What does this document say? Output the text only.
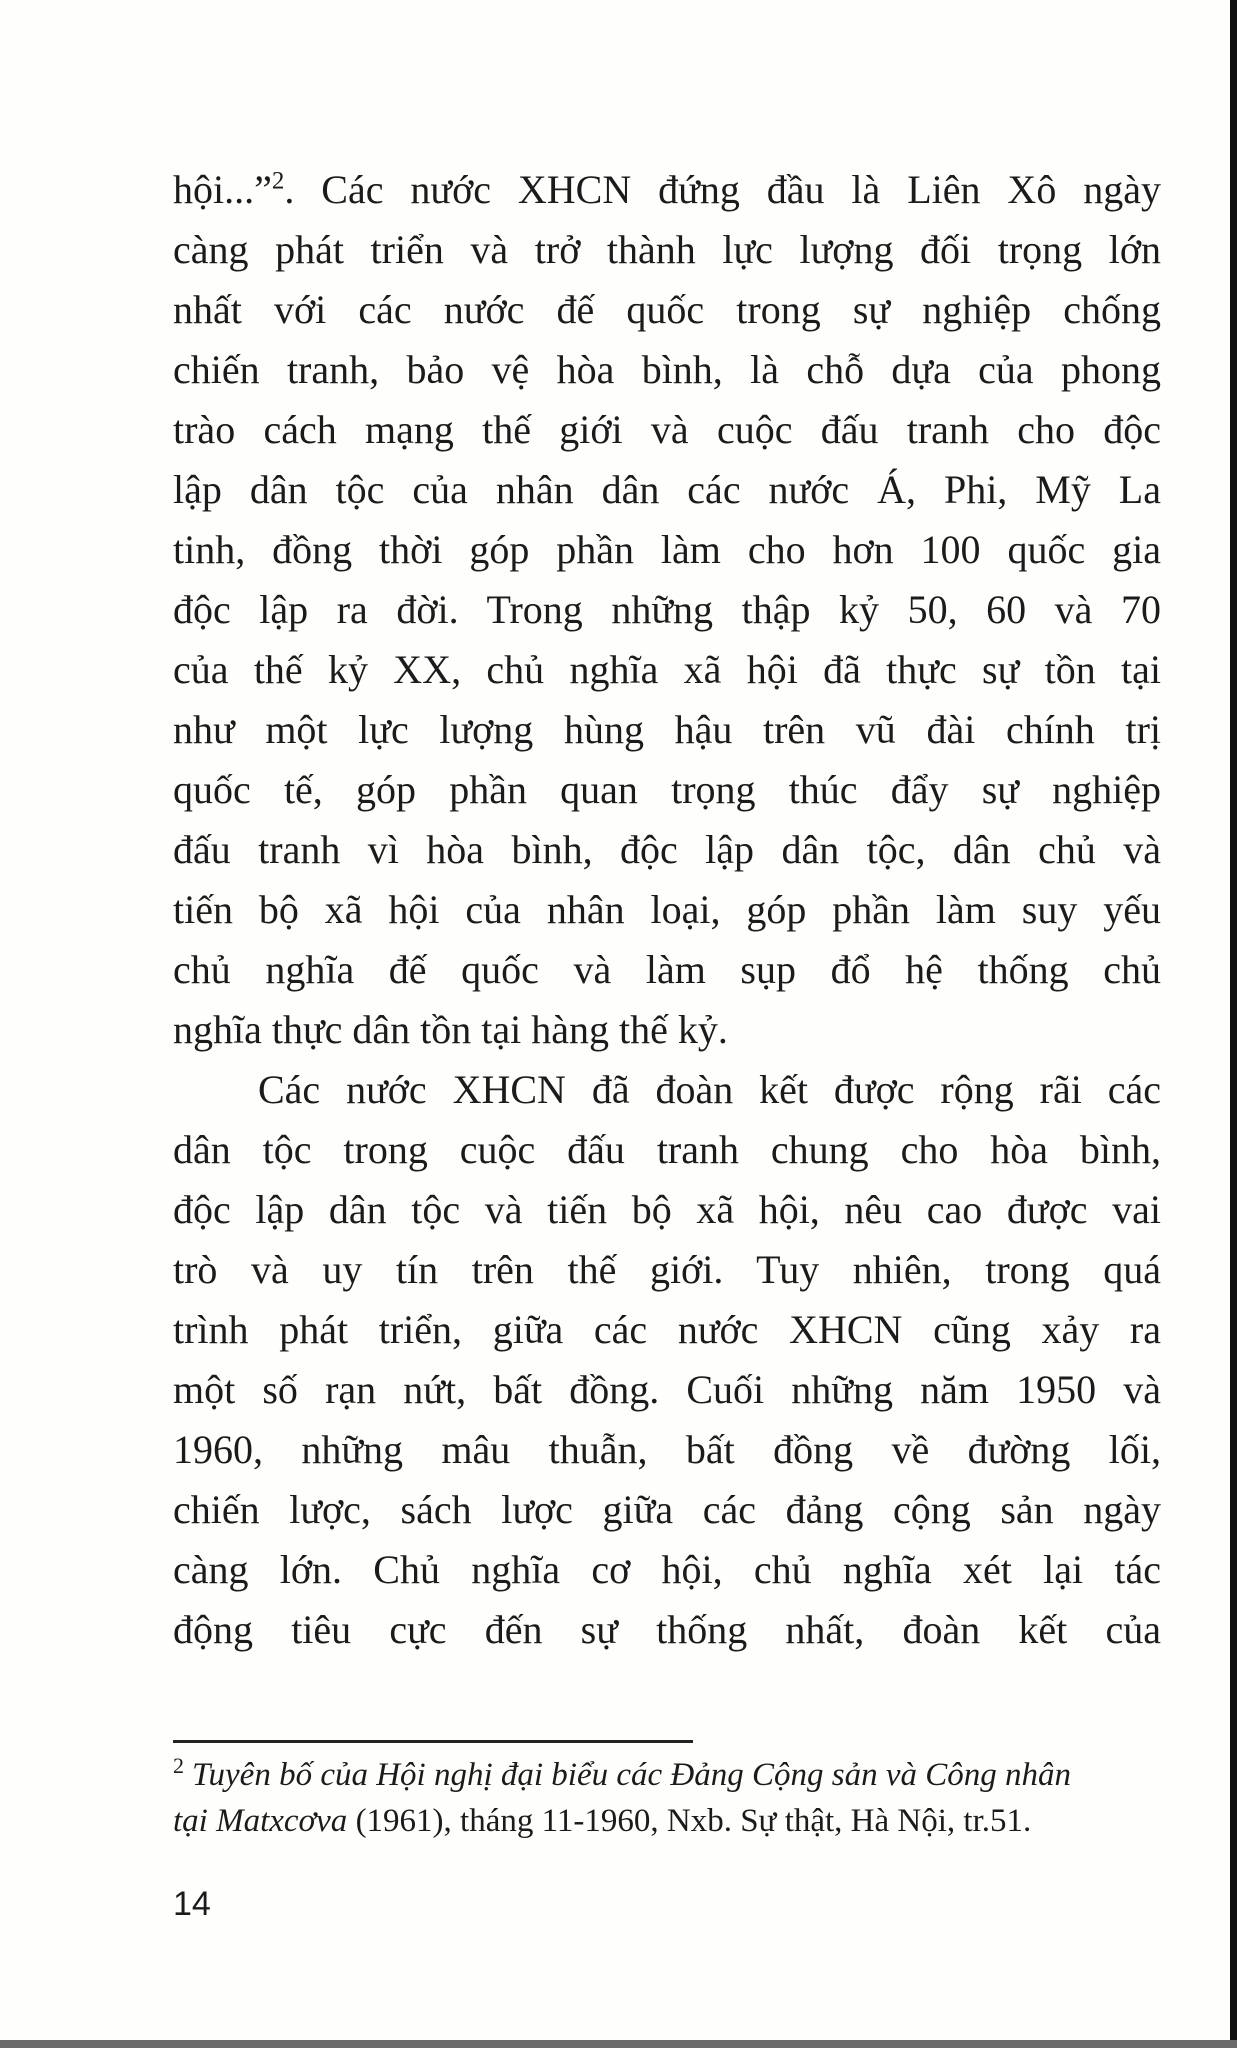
hội...”$^2$. Các nước XHCN đứng đầu là Liên Xô ngày
càng phát triển và trở thành lực lượng đối trọng lớn
nhất với các nước đế quốc trong sự nghiệp chống
chiến tranh, bảo vệ hòa bình, là chỗ dựa của phong
trào cách mạng thế giới và cuộc đấu tranh cho độc
lập dân tộc của nhân dân các nước Á, Phi, Mỹ La
tinh, đồng thời góp phần làm cho hơn 100 quốc gia
độc lập ra đời. Trong những thập kỷ 50, 60 và 70
của thế kỷ XX, chủ nghĩa xã hội đã thực sự tồn tại
như một lực lượng hùng hậu trên vũ đài chính trị
quốc tế, góp phần quan trọng thúc đẩy sự nghiệp
đấu tranh vì hòa bình, độc lập dân tộc, dân chủ và
tiến bộ xã hội của nhân loại, góp phần làm suy yếu
chủ nghĩa đế quốc và làm sụp đổ hệ thống chủ
nghĩa thực dân tồn tại hàng thế kỷ.
Các nước XHCN đã đoàn kết được rộng rãi các
dân tộc trong cuộc đấu tranh chung cho hòa bình,
độc lập dân tộc và tiến bộ xã hội, nêu cao được vai
trò và uy tín trên thế giới. Tuy nhiên, trong quá
trình phát triển, giữa các nước XHCN cũng xảy ra
một số rạn nứt, bất đồng. Cuối những năm 1950 và
1960, những mâu thuẫn, bất đồng về đường lối,
chiến lược, sách lược giữa các đảng cộng sản ngày
càng lớn. Chủ nghĩa cơ hội, chủ nghĩa xét lại tác
động tiêu cực đến sự thống nhất, đoàn kết của
$^2$ Tuyên bố của Hội nghị đại biểu các Đảng Cộng sản và Công nhân
tại Matxcơva (1961), tháng 11-1960, Nxb. Sự thật, Hà Nội, tr.51.
14
